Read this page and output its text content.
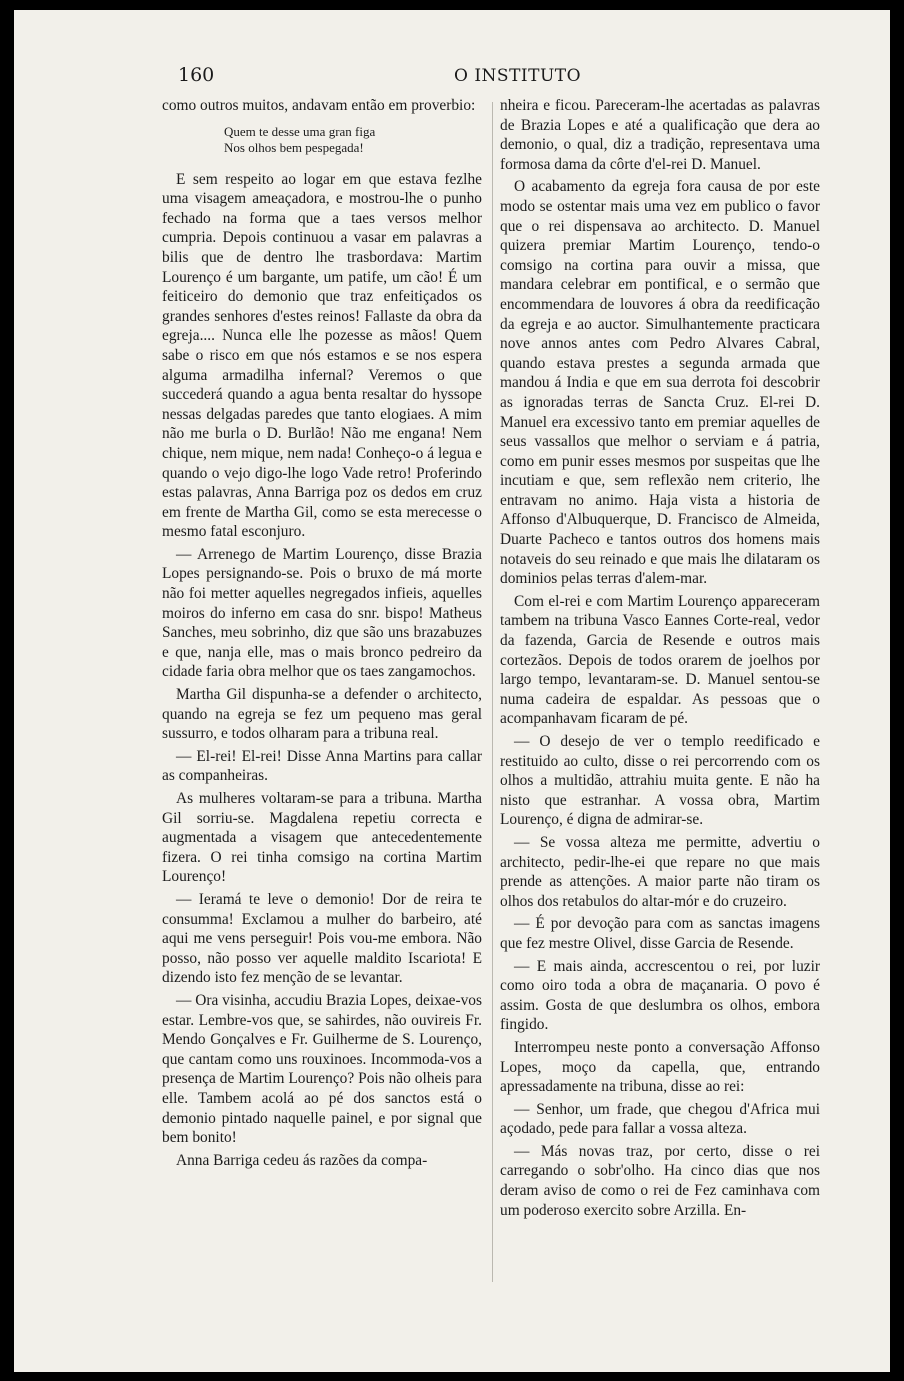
160	O INSTITUTO

como outros muitos, andavam então em proverbio:

Quem te desse uma gran figa
Nos olhos bem pespegada!

E sem respeito ao logar em que estava fezlhe uma visagem ameaçadora, e mostrou-lhe o punho fechado na forma que a taes versos melhor cumpria. Depois continuou a vasar em palavras a bilis que de dentro lhe trasbordava: Martim Lourenço é um bargante, um patife, um cão! É um feiticeiro do demonio que traz enfeitiçados os grandes senhores d'estes reinos! Fallaste da obra da egreja.... Nunca elle lhe pozesse as mãos! Quem sabe o risco em que nós estamos e se nos espera alguma armadilha infernal? Veremos o que succederá quando a agua benta resaltar do hyssope nessas delgadas paredes que tanto elogiaes. A mim não me burla o D. Burlão! Não me engana! Nem chique, nem mique, nem nada! Conheço-o á legua e quando o vejo digo-lhe logo Vade retro! Proferindo estas palavras, Anna Barriga poz os dedos em cruz em frente de Martha Gil, como se esta merecesse o mesmo fatal esconjuro.

— Arrenego de Martim Lourenço, disse Brazia Lopes persignando-se. Pois o bruxo de má morte não foi metter aquelles negregados infieis, aquelles moiros do inferno em casa do snr. bispo! Matheus Sanches, meu sobrinho, diz que são uns brazabuzes e que, nanja elle, mas o mais bronco pedreiro da cidade faria obra melhor que os taes zangamochos.

Martha Gil dispunha-se a defender o architecto, quando na egreja se fez um pequeno mas geral sussurro, e todos olharam para a tribuna real.

— El-rei! El-rei! Disse Anna Martins para callar as companheiras.

As mulheres voltaram-se para a tribuna. Martha Gil sorriu-se. Magdalena repetiu correcta e augmentada a visagem que antecedentemente fizera. O rei tinha comsigo na cortina Martim Lourenço!

— Ieramá te leve o demonio! Dor de reira te consumma! Exclamou a mulher do barbeiro, até aqui me vens perseguir! Pois vou-me embora. Não posso, não posso ver aquelle maldito Iscariota! E dizendo isto fez menção de se levantar.

— Ora visinha, accudiu Brazia Lopes, deixae-vos estar. Lembre-vos que, se sahirdes, não ouvireis Fr. Mendo Gonçalves e Fr. Guilherme de S. Lourenço, que cantam como uns rouxinoes. Incommoda-vos a presença de Martim Lourenço? Pois não olheis para elle. Tambem acolá ao pé dos sanctos está o demonio pintado naquelle painel, e por signal que bem bonito!

Anna Barriga cedeu ás razões da compa-

nheira e ficou. Pareceram-lhe acertadas as palavras de Brazia Lopes e até a qualificação que dera ao demonio, o qual, diz a tradição, representava uma formosa dama da côrte d'el-rei D. Manuel.

O acabamento da egreja fora causa de por este modo se ostentar mais uma vez em publico o favor que o rei dispensava ao architecto. D. Manuel quizera premiar Martim Lourenço, tendo-o comsigo na cortina para ouvir a missa, que mandara celebrar em pontifical, e o sermão que encommendara de louvores á obra da reedificação da egreja e ao auctor. Simulhantemente practicara nove annos antes com Pedro Alvares Cabral, quando estava prestes a segunda armada que mandou á India e que em sua derrota foi descobrir as ignoradas terras de Sancta Cruz. El-rei D. Manuel era excessivo tanto em premiar aquelles de seus vassallos que melhor o serviam e á patria, como em punir esses mesmos por suspeitas que lhe incutiam e que, sem reflexão nem criterio, lhe entravam no animo. Haja vista a historia de Affonso d'Albuquerque, D. Francisco de Almeida, Duarte Pacheco e tantos outros dos homens mais notaveis do seu reinado e que mais lhe dilataram os dominios pelas terras d'alem-mar.

Com el-rei e com Martim Lourenço appareceram tambem na tribuna Vasco Eannes Corte-real, vedor da fazenda, Garcia de Resende e outros mais cortezãos. Depois de todos orarem de joelhos por largo tempo, levantaram-se. D. Manuel sentou-se numa cadeira de espaldar. As pessoas que o acompanhavam ficaram de pé.

— O desejo de ver o templo reedificado e restituido ao culto, disse o rei percorrendo com os olhos a multidão, attrahiu muita gente. E não ha nisto que estranhar. A vossa obra, Martim Lourenço, é digna de admirar-se.

— Se vossa alteza me permitte, advertiu o architecto, pedir-lhe-ei que repare no que mais prende as attenções. A maior parte não tiram os olhos dos retabulos do altar-mór e do cruzeiro.

— É por devoção para com as sanctas imagens que fez mestre Olivel, disse Garcia de Resende.

— E mais ainda, accrescentou o rei, por luzir como oiro toda a obra de maçanaria. O povo é assim. Gosta de que deslumbra os olhos, embora fingido.

Interrompeu neste ponto a conversação Affonso Lopes, moço da capella, que, entrando apressadamente na tribuna, disse ao rei:

— Senhor, um frade, que chegou d'Africa mui açodado, pede para fallar a vossa alteza.

— Más novas traz, por certo, disse o rei carregando o sobr'olho. Ha cinco dias que nos deram aviso de como o rei de Fez caminhava com um poderoso exercito sobre Arzilla. En-
